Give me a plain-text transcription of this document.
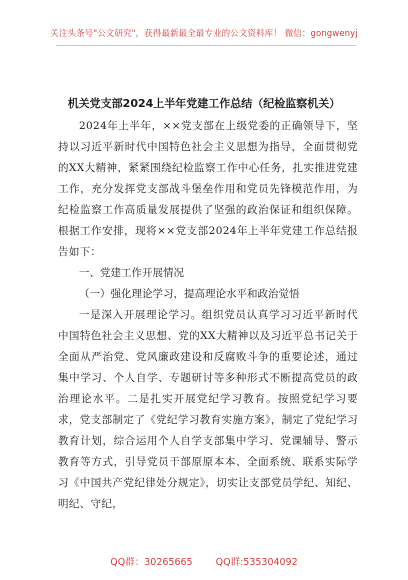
关注头条号"公文研究"，获得最新最全最专业的公文资料库！ 微信：gongwenyj
机关党支部2024上半年党建工作总结（纪检监察机关）

2024年上半年，××党支部在上级党委的正确领导下，坚持以习近平新时代中国特色社会主义思想为指导，全面贯彻党的XX大精神，紧紧围绕纪检监察工作中心任务，扎实推进党建工作，充分发挥党支部战斗堡垒作用和党员先锋模范作用，为纪检监察工作高质量发展提供了坚强的政治保证和组织保障。根据工作安排，现将××党支部2024年上半年党建工作总结报告如下：

一、党建工作开展情况

（一）强化理论学习，提高理论水平和政治觉悟

一是深入开展理论学习。组织党员认真学习习近平新时代中国特色社会主义思想、党的XX大精神以及习近平总书记关于全面从严治党、党风廉政建设和反腐败斗争的重要论述，通过集中学习、个人自学、专题研讨等多种形式不断提高党员的政治理论水平。二是扎实开展党纪学习教育。按照党纪学习要求，党支部制定了《党纪学习教育实施方案》，制定了党纪学习教育计划，综合运用个人自学支部集中学习、党课辅导、警示教育等方式，引导党员干部原原本本、全面系统、联系实际学习《中国共产党纪律处分规定》，切实让支部党员学纪、知纪、明纪、守纪，

QQ群：30265665 QQ群:535304092
